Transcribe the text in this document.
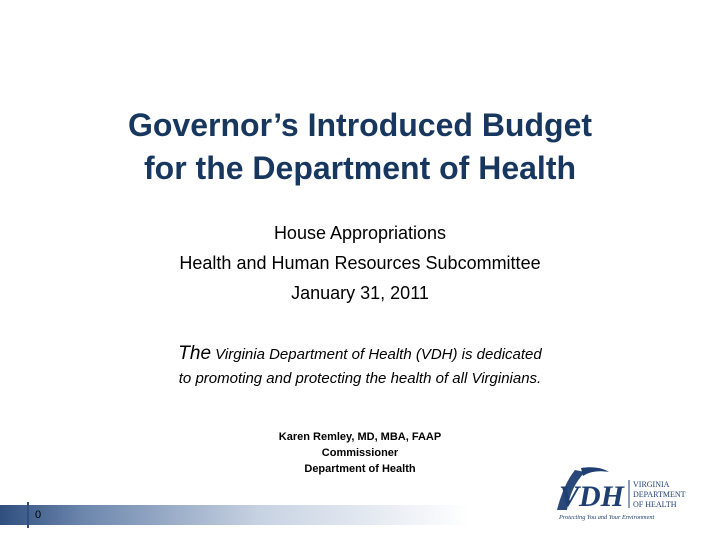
Governor’s Introduced Budget
for the Department of Health
House Appropriations
Health and Human Resources Subcommittee
January 31, 2011
The Virginia Department of Health (VDH) is dedicated
to promoting and protecting the health of all Virginians.
Karen Remley, MD, MBA, FAAP
Commissioner
Department of Health
0
VDH VIRGINIA
DEPARTMENT
OF HEALTH
Protecting You and Your Environment
